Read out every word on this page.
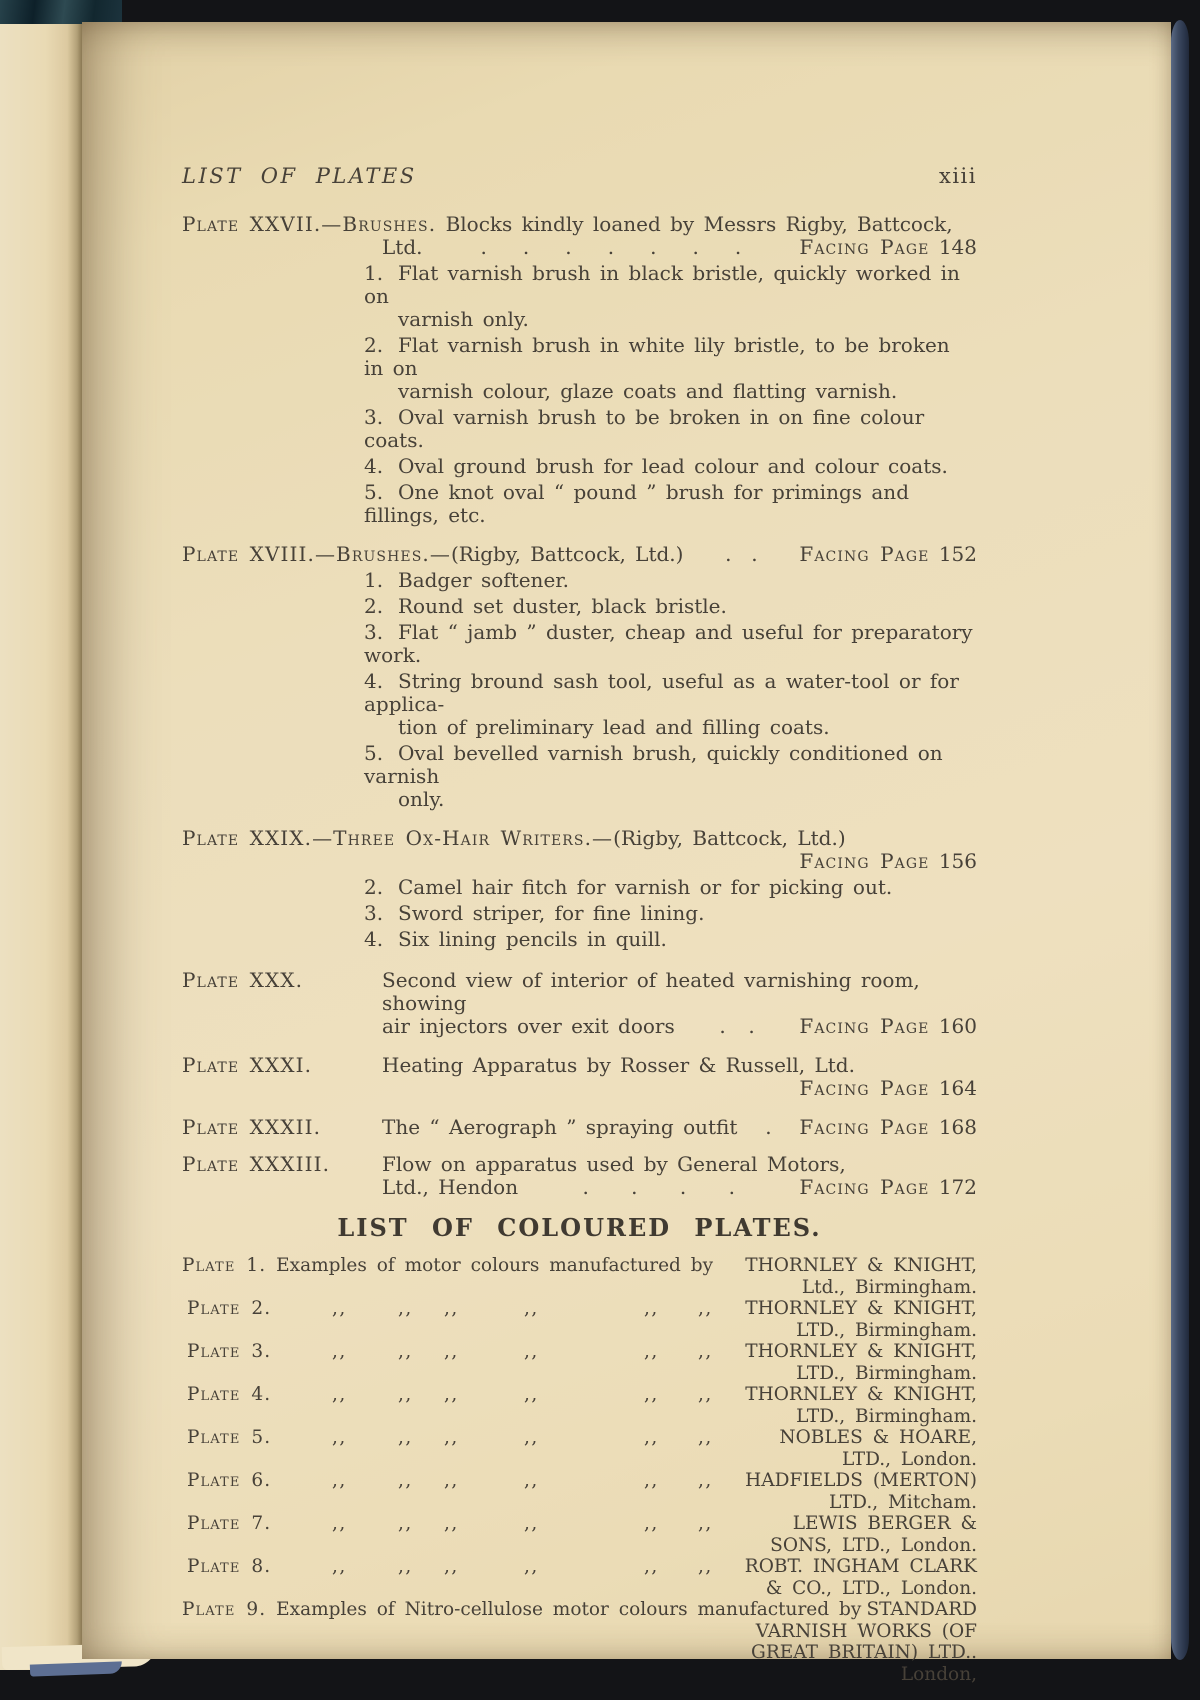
LIST OF PLATES	xiii
Plate XXVII.—Brushes. Blocks kindly loaned by Messrs Rigby, Battcock,
Ltd.	. . . . . . .	Facing Page 148
1. Flat varnish brush in black bristle, quickly worked in on
varnish only.
2. Flat varnish brush in white lily bristle, to be broken in on
varnish colour, glaze coats and flatting varnish.
3. Oval varnish brush to be broken in on fine colour coats.
4. Oval ground brush for lead colour and colour coats.
5. One knot oval “ pound ” brush for primings and fillings, etc.
Plate XVIII.—Brushes.—(Rigby, Battcock, Ltd.) . . Facing Page 152
1. Badger softener.
2. Round set duster, black bristle.
3. Flat “ jamb ” duster, cheap and useful for preparatory work.
4. String bround sash tool, useful as a water-tool or for applica-
tion of preliminary lead and filling coats.
5. Oval bevelled varnish brush, quickly conditioned on varnish
only.
Plate XXIX.—Three Ox-Hair Writers.—(Rigby, Battcock, Ltd.)
Facing Page 156
2. Camel hair fitch for varnish or for picking out.
3. Sword striper, for fine lining.
4. Six lining pencils in quill.
Plate XXX.	Second view of interior of heated varnishing room, showing
air injectors over exit doors . . Facing Page 160
Plate XXXI.	Heating Apparatus by Rosser & Russell, Ltd.
Facing Page 164
Plate XXXII.	The “ Aerograph ” spraying outfit . Facing Page 168
Plate XXXIII.	Flow on apparatus used by General Motors,
Ltd., Hendon	. . . .	Facing Page 172
LIST OF COLOURED PLATES.
Plate 1. Examples of motor colours manufactured by THORNLEY & KNIGHT,
Ltd., Birmingham.
Plate 2.	,,	,, ,,	,,	,, ,, THORNLEY & KNIGHT,
LTD., Birmingham.
Plate 3.	,,	,, ,,	,,	,, ,, THORNLEY & KNIGHT,
LTD., Birmingham.
Plate 4.	,,	,, ,,	,,	,, ,, THORNLEY & KNIGHT,
LTD., Birmingham.
Plate 5.	,,	,, ,,	,,	,, ,,	NOBLES & HOARE,
LTD., London.
Plate 6.	,,	,, ,,	,,	,, ,, HADFIELDS (MERTON)
LTD., Mitcham.
Plate 7.	,,	,, ,,	,,	,, ,,	LEWIS BERGER &
SONS, LTD., London.
Plate 8.	,,	,, ,,	,,	,, ,, ROBT. INGHAM CLARK
& CO., LTD., London.
Plate 9. Examples of Nitro-cellulose motor colours manufactured by STANDARD
VARNISH WORKS (OF
GREAT BRITAIN) LTD..
London,
